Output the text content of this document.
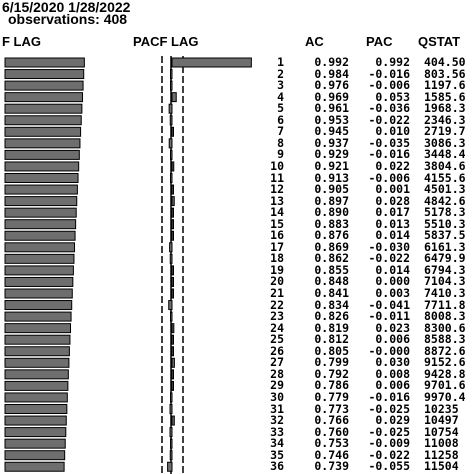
6/15/2020 1/28/2022
observations: 408
F LAG	PACF LAG	AC	PAC QSTAT
1	0.992	0.992 404.50
2	0.984 -0.016 803.56
3	0.976 -0.006 1197.6
4	0.969	0.053 1585.6
5	0.961 -0.036 1968.3
6	0.953 -0.022 2346.3
7	0.945	0.010 2719.7
8	0.937 -0.035 3086.3
9	0.929 -0.016 3448.4
10	0.921	0.022 3804.6
11	0.913 -0.006 4155.6
12	0.905	0.001 4501.3
13	0.897	0.028 4842.6
14	0.890	0.017 5178.3
15	0.883	0.013 5510.3
16	0.876	0.014 5837.5
17	0.869 -0.030 6161.3
18	0.862 -0.022 6479.9
19	0.855	0.014 6794.3
20	0.848	0.000 7104.3
21	0.841	0.003 7410.3
22	0.834 -0.041 7711.8
23	0.826 -0.011 8008.3
24	0.819	0.023 8300.6
25	0.812	0.006 8588.3
26	0.805 -0.000 8872.6
27	0.799	0.030 9152.6
28	0.792	0.008 9428.8
29	0.786	0.006 9701.6
30	0.779 -0.016 9970.4
31	0.773 -0.025 10235
32	0.766	0.029 10497
33	0.760 -0.025 10754
34	0.753 -0.009 11008
35	0.746 -0.022 11258
36	0.739 -0.055 11504
